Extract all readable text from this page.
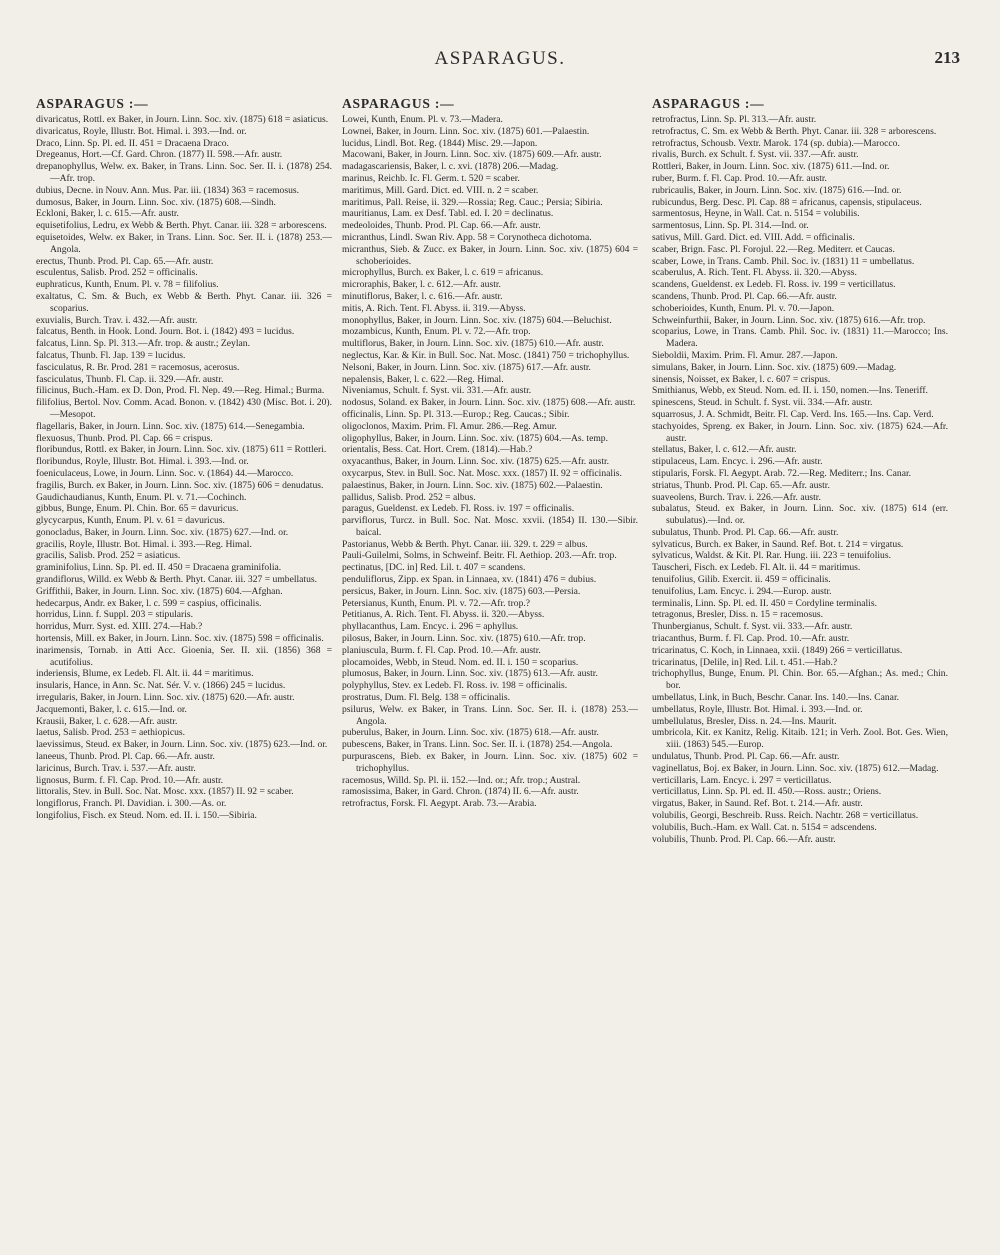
ASPARAGUS.	213
ASPARAGUS :—
divaricatus, Rottl. ex Baker, in Journ. Linn. Soc. xiv. (1875) 618 = asiaticus.
divaricatus, Royle, Illustr. Bot. Himal. i. 393.—Ind. or.
Draco, Linn. Sp. Pl. ed. II. 451 = Dracaena Draco.
Dregeanus, Hort.—Cf. Gard. Chron. (1877) II. 598.—Afr. austr.
drepanophyllus, Welw. ex. Baker, in Trans. Linn. Soc. Ser. II. i. (1878) 254.—Afr. trop.
dubius, Decne. in Nouv. Ann. Mus. Par. iii. (1834) 363 = racemosus.
dumosus, Baker, in Journ. Linn. Soc. xiv. (1875) 608.—Sindh.
Eckloni, Baker, l. c. 615.—Afr. austr.
equisetifolius, Ledru, ex Webb & Berth. Phyt. Canar. iii. 328 = arborescens.
equisetoides, Welw. ex Baker, in Trans. Linn. Soc. Ser. II. i. (1878) 253.—Angola.
erectus, Thunb. Prod. Pl. Cap. 65.—Afr. austr.
esculentus, Salisb. Prod. 252 = officinalis.
euphraticus, Kunth, Enum. Pl. v. 78 = filifolius.
exaltatus, C. Sm. & Buch, ex Webb & Berth. Phyt. Canar. iii. 326 = scoparius.
exuvialis, Burch. Trav. i. 432.—Afr. austr.
falcatus, Benth. in Hook. Lond. Journ. Bot. i. (1842) 493 = lucidus.
falcatus, Linn. Sp. Pl. 313.—Afr. trop. & austr.; Zeylan.
falcatus, Thunb. Fl. Jap. 139 = lucidus.
fasciculatus, R. Br. Prod. 281 = racemosus, acerosus.
fasciculatus, Thunb. Fl. Cap. ii. 329.—Afr. austr.
filicinus, Buch.-Ham. ex D. Don, Prod. Fl. Nep. 49.—Reg. Himal.; Burma.
filifolius, Bertol. Nov. Comm. Acad. Bonon. v. (1842) 430 (Misc. Bot. i. 20).—Mesopot.
flagellaris, Baker, in Journ. Linn. Soc. xiv. (1875) 614.—Senegambia.
flexuosus, Thunb. Prod. Pl. Cap. 66 = crispus.
floribundus, Rottl. ex Baker, in Journ. Linn. Soc. xiv. (1875) 611 = Rottleri.
floribundus, Royle, Illustr. Bot. Himal. i. 393.—Ind. or.
foeniculaceus, Lowe, in Journ. Linn. Soc. v. (1864) 44.—Marocco.
fragilis, Burch. ex Baker, in Journ. Linn. Soc. xiv. (1875) 606 = denudatus.
Gaudichaudianus, Kunth, Enum. Pl. v. 71.—Cochinch.
gibbus, Bunge, Enum. Pl. Chin. Bor. 65 = davuricus.
glycycarpus, Kunth, Enum. Pl. v. 61 = davuricus.
gonocladus, Baker, in Journ. Linn. Soc. xiv. (1875) 627.—Ind. or.
gracilis, Royle, Illustr. Bot. Himal. i. 393.—Reg. Himal.
gracilis, Salisb. Prod. 252 = asiaticus.
graminifolius, Linn. Sp. Pl. ed. II. 450 = Dracaena graminifolia.
grandiflorus, Willd. ex Webb & Berth. Phyt. Canar. iii. 327 = umbellatus.
Griffithii, Baker, in Journ. Linn. Soc. xiv. (1875) 604.—Afghan.
hedecarpus, Andr. ex Baker, l. c. 599 = caspius, officinalis.
horridus, Linn. f. Suppl. 203 = stipularis.
horridus, Murr. Syst. ed. XIII. 274.—Hab.?
hortensis, Mill. ex Baker, in Journ. Linn. Soc. xiv. (1875) 598 = officinalis.
inarimensis, Tornab. in Atti Acc. Gioenia, Ser. II. xii. (1856) 368 = acutifolius.
inderiensis, Blume, ex Ledeb. Fl. Alt. ii. 44 = maritimus.
insularis, Hance, in Ann. Sc. Nat. Sér. V. v. (1866) 245 = lucidus.
irregularis, Baker, in Journ. Linn. Soc. xiv. (1875) 620.—Afr. austr.
Jacquemonti, Baker, l. c. 615.—Ind. or.
Krausii, Baker, l. c. 628.—Afr. austr.
laetus, Salisb. Prod. 253 = aethiopicus.
laevissimus, Steud. ex Baker, in Journ. Linn. Soc. xiv. (1875) 623.—Ind. or.
laneeus, Thunb. Prod. Pl. Cap. 66.—Afr. austr.
laricinus, Burch. Trav. i. 537.—Afr. austr.
lignosus, Burm. f. Fl. Cap. Prod. 10.—Afr. austr.
littoralis, Stev. in Bull. Soc. Nat. Mosc. xxx. (1857) II. 92 = scaber.
longiflorus, Franch. Pl. Davidian. i. 300.—As. or.
longifolius, Fisch. ex Steud. Nom. ed. II. i. 150.—Sibiria.
ASPARAGUS :—
Lowei, Kunth, Enum. Pl. v. 73.—Madera.
Lownei, Baker, in Journ. Linn. Soc. xiv. (1875) 601.—Palaestin.
lucidus, Lindl. Bot. Reg. (1844) Misc. 29.—Japon.
Macowani, Baker, in Journ. Linn. Soc. xiv. (1875) 609.—Afr. austr.
madagascariensis, Baker, l. c. xvi. (1878) 206.—Madag.
marinus, Reichb. Ic. Fl. Germ. t. 520 = scaber.
maritimus, Mill. Gard. Dict. ed. VIII. n. 2 = scaber.
maritimus, Pall. Reise, ii. 329.—Rossia; Reg. Cauc.; Persia; Sibiria.
mauritianus, Lam. ex Desf. Tabl. ed. I. 20 = declinatus.
medeoloides, Thunb. Prod. Pl. Cap. 66.—Afr. austr.
micranthus, Lindl. Swan Riv. App. 58 = Corynotheca dichotoma.
micranthus, Sieb. & Zucc. ex Baker, in Journ. Linn. Soc. xiv. (1875) 604 = schoberioides.
microphyllus, Burch. ex Baker, l. c. 619 = africanus.
microraphis, Baker, l. c. 612.—Afr. austr.
minutiflorus, Baker, l. c. 616.—Afr. austr.
mitis, A. Rich. Tent. Fl. Abyss. ii. 319.—Abyss.
monophyllus, Baker, in Journ. Linn. Soc. xiv. (1875) 604.—Beluchist.
mozambicus, Kunth, Enum. Pl. v. 72.—Afr. trop.
multiflorus, Baker, in Journ. Linn. Soc. xiv. (1875) 610.—Afr. austr.
neglectus, Kar. & Kir. in Bull. Soc. Nat. Mosc. (1841) 750 = trichophyllus.
Nelsoni, Baker, in Journ. Linn. Soc. xiv. (1875) 617.—Afr. austr.
nepalensis, Baker, l. c. 622.—Reg. Himal.
Niveniamus, Schult. f. Syst. vii. 331.—Afr. austr.
nodosus, Soland. ex Baker, in Journ. Linn. Soc. xiv. (1875) 608.—Afr. austr.
officinalis, Linn. Sp. Pl. 313.—Europ.; Reg. Caucas.; Sibir.
oligoclonos, Maxim. Prim. Fl. Amur. 286.—Reg. Amur.
oligophyllus, Baker, in Journ. Linn. Soc. xiv. (1875) 604.—As. temp.
orientalis, Bess. Cat. Hort. Crem. (1814).—Hab.?
oxyacanthus, Baker, in Journ. Linn. Soc. xiv. (1875) 625.—Afr. austr.
oxycarpus, Stev. in Bull. Soc. Nat. Mosc. xxx. (1857) II. 92 = officinalis.
palaestinus, Baker, in Journ. Linn. Soc. xiv. (1875) 602.—Palaestin.
pallidus, Salisb. Prod. 252 = albus.
paragus, Gueldenst. ex Ledeb. Fl. Ross. iv. 197 = officinalis.
parviflorus, Turcz. in Bull. Soc. Nat. Mosc. xxvii. (1854) II. 130.—Sibir. baical.
Pastorianus, Webb & Berth. Phyt. Canar. iii. 329. t. 229 = albus.
Pauli-Guilelmi, Solms, in Schweinf. Beitr. Fl. Aethiop. 203.—Afr. trop.
pectinatus, [DC. in] Red. Lil. t. 407 = scandens.
penduliflorus, Zipp. ex Span. in Linnaea, xv. (1841) 476 = dubius.
persicus, Baker, in Journ. Linn. Soc. xiv. (1875) 603.—Persia.
Petersianus, Kunth, Enum. Pl. v. 72.—Afr. trop.?
Petitianus, A. Rich. Tent. Fl. Abyss. ii. 320.—Abyss.
phyllacanthus, Lam. Encyc. i. 296 = aphyllus.
pilosus, Baker, in Journ. Linn. Soc. xiv. (1875) 610.—Afr. trop.
planiuscula, Burm. f. Fl. Cap. Prod. 10.—Afr. austr.
plocamoides, Webb, in Steud. Nom. ed. II. i. 150 = scoparius.
plumosus, Baker, in Journ. Linn. Soc. xiv. (1875) 613.—Afr. austr.
polyphyllus, Stev. ex Ledeb. Fl. Ross. iv. 198 = officinalis.
prostratus, Dum. Fl. Belg. 138 = officinalis.
psilurus, Welw. ex Baker, in Trans. Linn. Soc. Ser. II. i. (1878) 253.—Angola.
puberulus, Baker, in Journ. Linn. Soc. xiv. (1875) 618.—Afr. austr.
pubescens, Baker, in Trans. Linn. Soc. Ser. II. i. (1878) 254.—Angola.
purpurascens, Bieb. ex Baker, in Journ. Linn. Soc. xiv. (1875) 602 = trichophyllus.
racemosus, Willd. Sp. Pl. ii. 152.—Ind. or.; Afr. trop.; Austral.
ramosissima, Baker, in Gard. Chron. (1874) II. 6.—Afr. austr.
retrofractus, Forsk. Fl. Aegypt. Arab. 73.—Arabia.
ASPARAGUS :—
retrofractus, Linn. Sp. Pl. 313.—Afr. austr.
retrofractus, C. Sm. ex Webb & Berth. Phyt. Canar. iii. 328 = arborescens.
retrofractus, Schousb. Vextr. Marok. 174 (sp. dubia).—Marocco.
rivalis, Burch. ex Schult. f. Syst. vii. 337.—Afr. austr.
Rottleri, Baker, in Journ. Linn. Soc. xiv. (1875) 611.—Ind. or.
ruber, Burm. f. Fl. Cap. Prod. 10.—Afr. austr.
rubricaulis, Baker, in Journ. Linn. Soc. xiv. (1875) 616.—Ind. or.
rubicundus, Berg. Desc. Pl. Cap. 88 = africanus, capensis, stipulaceus.
sarmentosus, Heyne, in Wall. Cat. n. 5154 = volubilis.
sarmentosus, Linn. Sp. Pl. 314.—Ind. or.
sativus, Mill. Gard. Dict. ed. VIII. Add. = officinalis.
scaber, Brign. Fasc. Pl. Forojul. 22.—Reg. Mediterr. et Caucas.
scaber, Lowe, in Trans. Camb. Phil. Soc. iv. (1831) 11 = umbellatus.
scaberulus, A. Rich. Tent. Fl. Abyss. ii. 320.—Abyss.
scandens, Gueldenst. ex Ledeb. Fl. Ross. iv. 199 = verticillatus.
scandens, Thunb. Prod. Pl. Cap. 66.—Afr. austr.
schoberioides, Kunth, Enum. Pl. v. 70.—Japon.
Schweinfurthii, Baker, in Journ. Linn. Soc. xiv. (1875) 616.—Afr. trop.
scoparius, Lowe, in Trans. Camb. Phil. Soc. iv. (1831) 11.—Marocco; Ins. Madera.
Sieboldii, Maxim. Prim. Fl. Amur. 287.—Japon.
simulans, Baker, in Journ. Linn. Soc. xiv. (1875) 609.—Madag.
sinensis, Noisset, ex Baker, l. c. 607 = crispus.
Smithianus, Webb, ex Steud. Nom. ed. II. i. 150, nomen.—Ins. Teneriff.
spinescens, Steud. in Schult. f. Syst. vii. 334.—Afr. austr.
squarrosus, J. A. Schmidt, Beitr. Fl. Cap. Verd. Ins. 165.—Ins. Cap. Verd.
stachyoides, Spreng. ex Baker, in Journ. Linn. Soc. xiv. (1875) 624.—Afr. austr.
stellatus, Baker, l. c. 612.—Afr. austr.
stipulaceus, Lam. Encyc. i. 296.—Afr. austr.
stipularis, Forsk. Fl. Aegypt. Arab. 72.—Reg. Mediterr.; Ins. Canar.
striatus, Thunb. Prod. Pl. Cap. 65.—Afr. austr.
suaveolens, Burch. Trav. i. 226.—Afr. austr.
subalatus, Steud. ex Baker, in Journ. Linn. Soc. xiv. (1875) 614 (err. subulatus).—Ind. or.
subulatus, Thunb. Prod. Pl. Cap. 66.—Afr. austr.
sylvaticus, Burch. ex Baker, in Saund. Ref. Bot. t. 214 = virgatus.
sylvaticus, Waldst. & Kit. Pl. Rar. Hung. iii. 223 = tenuifolius.
Tauscheri, Fisch. ex Ledeb. Fl. Alt. ii. 44 = maritimus.
tenuifolius, Gilib. Exercit. ii. 459 = officinalis.
tenuifolius, Lam. Encyc. i. 294.—Europ. austr.
terminalis, Linn. Sp. Pl. ed. II. 450 = Cordyline terminalis.
tetragonus, Bresler, Diss. n. 15 = racemosus.
Thunbergianus, Schult. f. Syst. vii. 333.—Afr. austr.
triacanthus, Burm. f. Fl. Cap. Prod. 10.—Afr. austr.
tricarinatus, C. Koch, in Linnaea, xxii. (1849) 266 = verticillatus.
tricarinatus, [Delile, in] Red. Lil. t. 451.—Hab.?
trichophyllus, Bunge, Enum. Pl. Chin. Bor. 65.—Afghan.; As. med.; Chin. bor.
umbellatus, Link, in Buch, Beschr. Canar. Ins. 140.—Ins. Canar.
umbellatus, Royle, Illustr. Bot. Himal. i. 393.—Ind. or.
umbellulatus, Bresler, Diss. n. 24.—Ins. Maurit.
umbricola, Kit. ex Kanitz, Relig. Kitaib. 121; in Verh. Zool. Bot. Ges. Wien, xiii. (1863) 545.—Europ.
undulatus, Thunb. Prod. Pl. Cap. 66.—Afr. austr.
vaginellatus, Boj. ex Baker, in Journ. Linn. Soc. xiv. (1875) 612.—Madag.
verticillaris, Lam. Encyc. i. 297 = verticillatus.
verticillatus, Linn. Sp. Pl. ed. II. 450.—Ross. austr.; Oriens.
virgatus, Baker, in Saund. Ref. Bot. t. 214.—Afr. austr.
volubilis, Georgi, Beschreib. Russ. Reich. Nachtr. 268 = verticillatus.
volubilis, Buch.-Ham. ex Wall. Cat. n. 5154 = adscendens.
volubilis, Thunb. Prod. Pl. Cap. 66.—Afr. austr.
